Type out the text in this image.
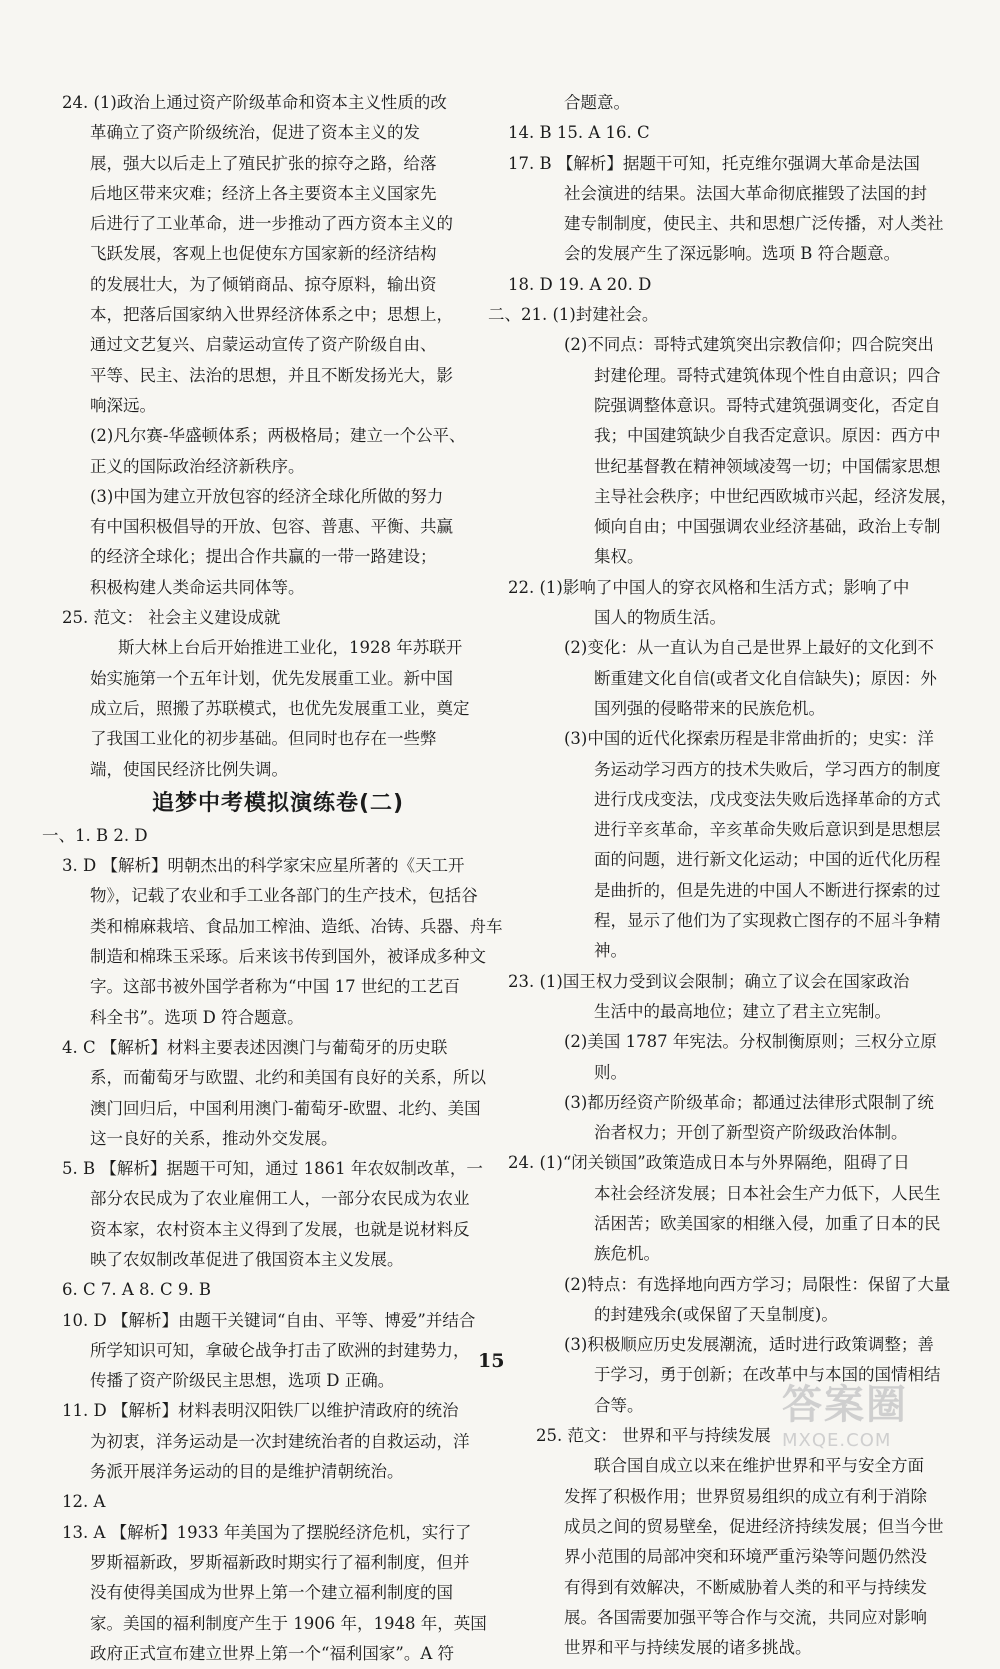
24. (1)政治上通过资产阶级革命和资本主义性质的改
革确立了资产阶级统治，促进了资本主义的发
展，强大以后走上了殖民扩张的掠夺之路，给落
后地区带来灾难；经济上各主要资本主义国家先
后进行了工业革命，进一步推动了西方资本主义的
飞跃发展，客观上也促使东方国家新的经济结构
的发展壮大，为了倾销商品、掠夺原料，输出资
本，把落后国家纳入世界经济体系之中；思想上，
通过文艺复兴、启蒙运动宣传了资产阶级自由、
平等、民主、法治的思想，并且不断发扬光大，影
响深远。
(2)凡尔赛-华盛顿体系；两极格局；建立一个公平、
正义的国际政治经济新秩序。
(3)中国为建立开放包容的经济全球化所做的努力
有中国积极倡导的开放、包容、普惠、平衡、共赢
的经济全球化；提出合作共赢的一带一路建设；
积极构建人类命运共同体等。
25. 范文： 社会主义建设成就
斯大林上台后开始推进工业化，1928 年苏联开
始实施第一个五年计划，优先发展重工业。新中国
成立后，照搬了苏联模式，也优先发展重工业，奠定
了我国工业化的初步基础。但同时也存在一些弊
端，使国民经济比例失调。
追梦中考模拟演练卷(二)
一、1. B 2. D
3. D 【解析】明朝杰出的科学家宋应星所著的《天工开
物》，记载了农业和手工业各部门的生产技术，包括谷
类和棉麻栽培、食品加工榨油、造纸、冶铸、兵器、舟车
制造和棉珠玉采琢。后来该书传到国外，被译成多种文
字。这部书被外国学者称为“中国 17 世纪的工艺百
科全书”。选项 D 符合题意。
4. C 【解析】材料主要表述因澳门与葡萄牙的历史联
系，而葡萄牙与欧盟、北约和美国有良好的关系，所以
澳门回归后，中国利用澳门-葡萄牙-欧盟、北约、美国
这一良好的关系，推动外交发展。
5. B 【解析】据题干可知，通过 1861 年农奴制改革，一
部分农民成为了农业雇佣工人，一部分农民成为农业
资本家，农村资本主义得到了发展，也就是说材料反
映了农奴制改革促进了俄国资本主义发展。
6. C 7. A 8. C 9. B
10. D 【解析】由题干关键词“自由、平等、博爱”并结合
所学知识可知，拿破仑战争打击了欧洲的封建势力，
传播了资产阶级民主思想，选项 D 正确。
11. D 【解析】材料表明汉阳铁厂以维护清政府的统治
为初衷，洋务运动是一次封建统治者的自救运动，洋
务派开展洋务运动的目的是维护清朝统治。
12. A
13. A 【解析】1933 年美国为了摆脱经济危机，实行了
罗斯福新政，罗斯福新政时期实行了福利制度，但并
没有使得美国成为世界上第一个建立福利制度的国
家。美国的福利制度产生于 1906 年，1948 年，英国
政府正式宣布建立世界上第一个“福利国家”。A 符
合题意。
14. B 15. A 16. C
17. B 【解析】据题干可知，托克维尔强调大革命是法国
社会演进的结果。法国大革命彻底摧毁了法国的封
建专制制度，使民主、共和思想广泛传播，对人类社
会的发展产生了深远影响。选项 B 符合题意。
18. D 19. A 20. D
二、21. (1)封建社会。
(2)不同点：哥特式建筑突出宗教信仰；四合院突出
封建伦理。哥特式建筑体现个性自由意识；四合
院强调整体意识。哥特式建筑强调变化，否定自
我；中国建筑缺少自我否定意识。原因：西方中
世纪基督教在精神领域凌驾一切；中国儒家思想
主导社会秩序；中世纪西欧城市兴起，经济发展，
倾向自由；中国强调农业经济基础，政治上专制
集权。
22. (1)影响了中国人的穿衣风格和生活方式；影响了中
国人的物质生活。
(2)变化：从一直认为自己是世界上最好的文化到不
断重建文化自信(或者文化自信缺失)；原因：外
国列强的侵略带来的民族危机。
(3)中国的近代化探索历程是非常曲折的；史实：洋
务运动学习西方的技术失败后，学习西方的制度
进行戊戌变法，戊戌变法失败后选择革命的方式
进行辛亥革命，辛亥革命失败后意识到是思想层
面的问题，进行新文化运动；中国的近代化历程
是曲折的，但是先进的中国人不断进行探索的过
程，显示了他们为了实现救亡图存的不屈斗争精
神。
23. (1)国王权力受到议会限制；确立了议会在国家政治
生活中的最高地位；建立了君主立宪制。
(2)美国 1787 年宪法。分权制衡原则；三权分立原
则。
(3)都历经资产阶级革命；都通过法律形式限制了统
治者权力；开创了新型资产阶级政治体制。
24. (1)“闭关锁国”政策造成日本与外界隔绝，阻碍了日
本社会经济发展；日本社会生产力低下，人民生
活困苦；欧美国家的相继入侵，加重了日本的民
族危机。
(2)特点：有选择地向西方学习；局限性：保留了大量
的封建残余(或保留了天皇制度)。
(3)积极顺应历史发展潮流，适时进行政策调整；善
于学习，勇于创新；在改革中与本国的国情相结
合等。
25. 范文： 世界和平与持续发展
联合国自成立以来在维护世界和平与安全方面
发挥了积极作用；世界贸易组织的成立有利于消除
成员之间的贸易壁垒，促进经济持续发展；但当今世
界小范围的局部冲突和环境严重污染等问题仍然没
有得到有效解决，不断威胁着人类的和平与持续发
展。各国需要加强平等合作与交流，共同应对影响
世界和平与持续发展的诸多挑战。
15
答案圈
MXQE.COM
